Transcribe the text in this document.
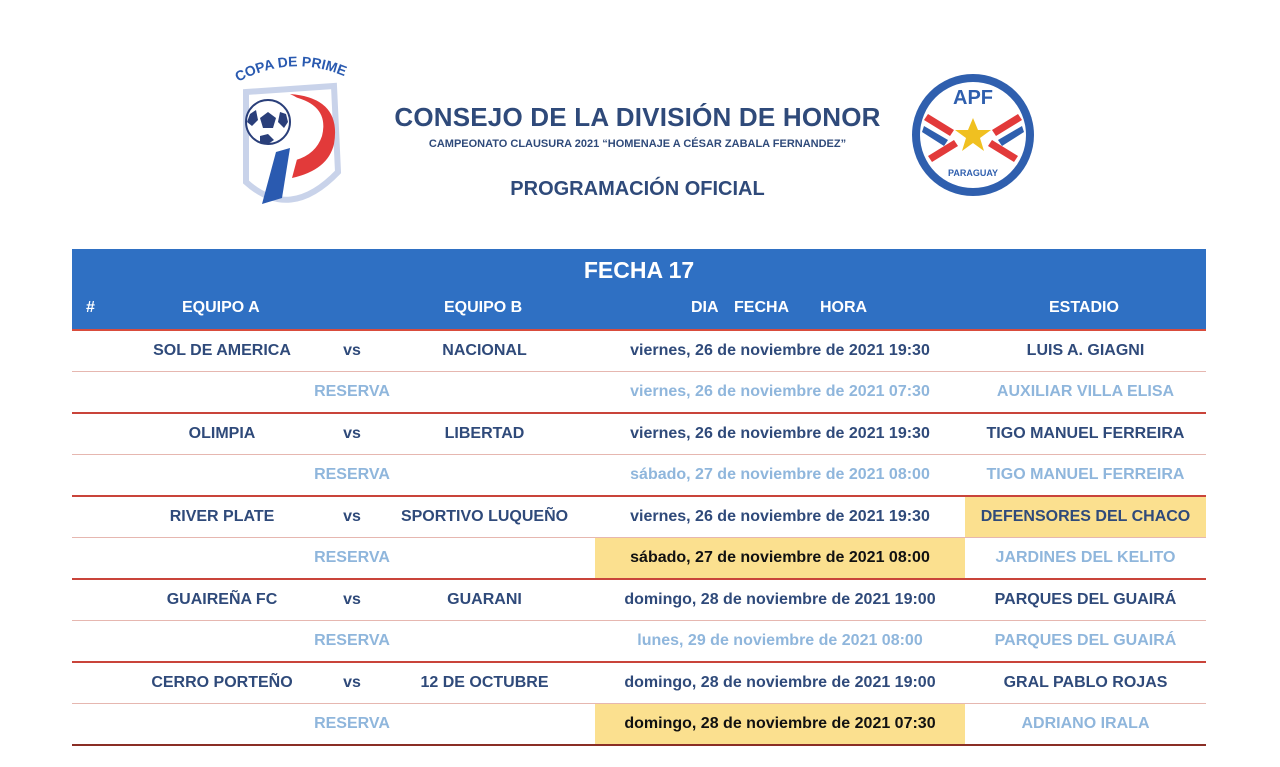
COPA DE PRIME
APF
PARAGUAY
CONSEJO DE LA DIVISIÓN DE HONOR
CAMPEONATO CLAUSURA 2021 “HOMENAJE A CÉSAR ZABALA FERNANDEZ”
PROGRAMACIÓN OFICIAL
FECHA 17
#	EQUIPO A	EQUIPO B	DIA FECHA HORA	ESTADIO
SOL DE AMERICA	vs	NACIONAL	viernes, 26 de noviembre de 2021 19:30	LUIS A. GIAGNI
RESERVA	viernes, 26 de noviembre de 2021 07:30	AUXILIAR VILLA ELISA
OLIMPIA	vs	LIBERTAD	viernes, 26 de noviembre de 2021 19:30	TIGO MANUEL FERREIRA
RESERVA	sábado, 27 de noviembre de 2021 08:00	TIGO MANUEL FERREIRA
RIVER PLATE	vs	SPORTIVO LUQUEÑO	viernes, 26 de noviembre de 2021 19:30	DEFENSORES DEL CHACO
RESERVA	sábado, 27 de noviembre de 2021 08:00	JARDINES DEL KELITO
GUAIREÑA FC	vs	GUARANI	domingo, 28 de noviembre de 2021 19:00	PARQUES DEL GUAIRÁ
RESERVA	lunes, 29 de noviembre de 2021 08:00	PARQUES DEL GUAIRÁ
CERRO PORTEÑO	vs	12 DE OCTUBRE	domingo, 28 de noviembre de 2021 19:00	GRAL PABLO ROJAS
RESERVA	domingo, 28 de noviembre de 2021 07:30	ADRIANO IRALA
